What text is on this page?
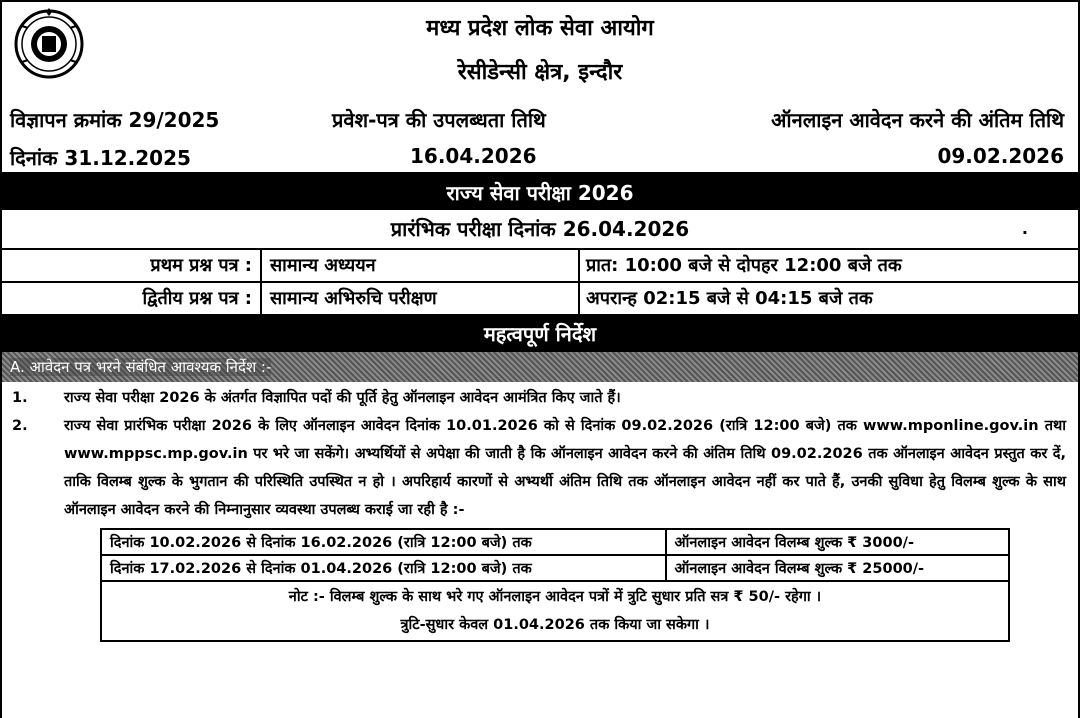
मध्य प्रदेश लोक सेवा आयोग
रेसीडेन्सी क्षेत्र, इन्दौर
विज्ञापन क्रमांक 29/2025	प्रवेश-पत्र की उपलब्धता तिथि	ऑनलाइन आवेदन करने की अंतिम तिथि
दिनांक 31.12.2025	16.04.2026	09.02.2026
राज्य सेवा परीक्षा 2026
प्रारंभिक परीक्षा दिनांक 26.04.2026	·
प्रथम प्रश्न पत्र :	सामान्य अध्ययन	प्रात: 10:00 बजे से दोपहर 12:00 बजे तक
द्वितीय प्रश्न पत्र :	सामान्य अभिरुचि परीक्षण	अपरान्ह 02:15 बजे से 04:15 बजे तक
महत्वपूर्ण निर्देश
A. आवेदन पत्र भरने संबंधित आवश्यक निर्देश :-
1.	राज्य सेवा परीक्षा 2026 के अंतर्गत विज्ञापित पदों की पूर्ति हेतु ऑनलाइन आवेदन आमंत्रित किए जाते हैं।
2.	राज्य सेवा प्रारंभिक परीक्षा 2026 के लिए ऑनलाइन आवेदन दिनांक 10.01.2026 को से दिनांक 09.02.2026 (रात्रि 12:00 बजे) तक www.mponline.gov.in तथा www.mppsc.mp.gov.in पर भरे जा सकेंगे। अभ्यर्थियों से अपेक्षा की जाती है कि ऑनलाइन आवेदन करने की अंतिम तिथि 09.02.2026 तक ऑनलाइन आवेदन प्रस्तुत कर दें, ताकि विलम्ब शुल्क के भुगतान की परिस्थिति उपस्थित न हो । अपरिहार्य कारणों से अभ्यर्थी अंतिम तिथि तक ऑनलाइन आवेदन नहीं कर पाते हैं, उनकी सुविधा हेतु विलम्ब शुल्क के साथ ऑनलाइन आवेदन करने की निम्नानुसार व्यवस्था उपलब्ध कराई जा रही है :-
दिनांक 10.02.2026 से दिनांक 16.02.2026 (रात्रि 12:00 बजे) तक	ऑनलाइन आवेदन विलम्ब शुल्क ₹ 3000/-
दिनांक 17.02.2026 से दिनांक 01.04.2026 (रात्रि 12:00 बजे) तक	ऑनलाइन आवेदन विलम्ब शुल्क ₹ 25000/-

नोट :- विलम्ब शुल्क के साथ भरे गए ऑनलाइन आवेदन पत्रों में त्रुटि सुधार प्रति सत्र ₹ 50/- रहेगा ।
त्रुटि-सुधार केवल 01.04.2026 तक किया जा सकेगा ।	
